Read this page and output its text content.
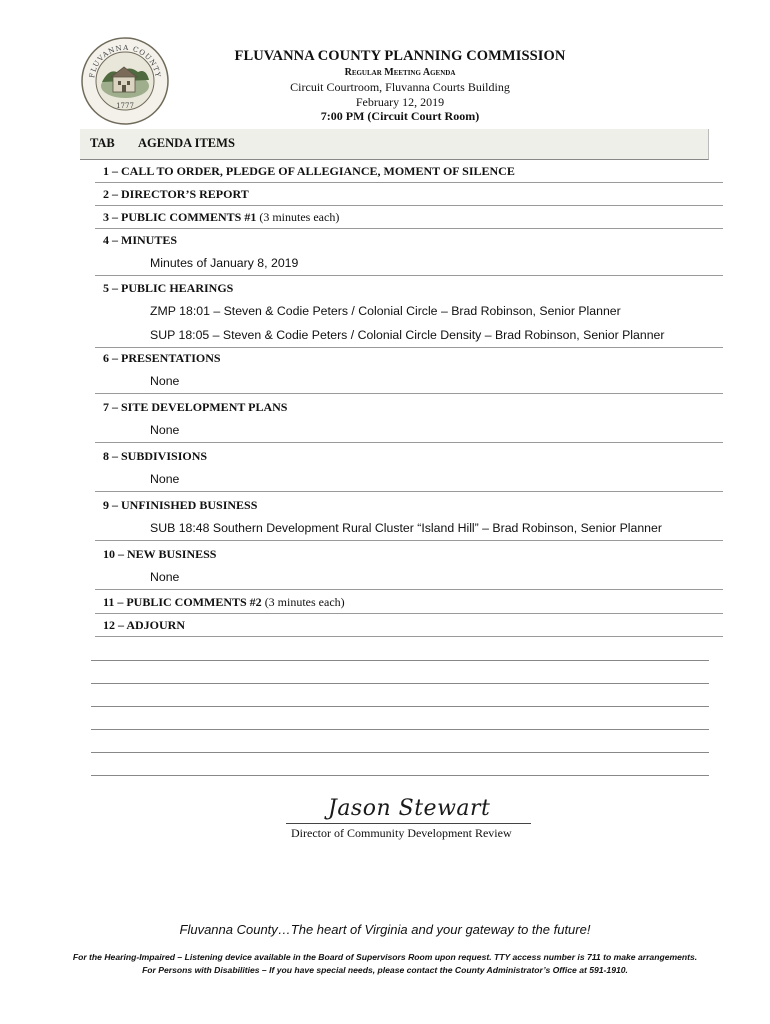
FLUVANNA COUNTY
1777
FLUVANNA COUNTY PLANNING COMMISSION
Regular Meeting Agenda
Circuit Courtroom, Fluvanna Courts Building
February 12, 2019
7:00 PM (Circuit Court Room)
TAB AGENDA ITEMS
1 – CALL TO ORDER, PLEDGE OF ALLEGIANCE, MOMENT OF SILENCE
2 – DIRECTOR’S REPORT
3 – PUBLIC COMMENTS #1 (3 minutes each)
4 – MINUTES
Minutes of January 8, 2019
5 – PUBLIC HEARINGS
ZMP 18:01 – Steven & Codie Peters / Colonial Circle – Brad Robinson, Senior Planner
SUP 18:05 – Steven & Codie Peters / Colonial Circle Density – Brad Robinson, Senior Planner
6 – PRESENTATIONS
None
7 – SITE DEVELOPMENT PLANS
None
8 – SUBDIVISIONS
None
9 – UNFINISHED BUSINESS
SUB 18:48 Southern Development Rural Cluster “Island Hill” – Brad Robinson, Senior Planner
10 – NEW BUSINESS
None
11 – PUBLIC COMMENTS #2 (3 minutes each)
12 – ADJOURN
Jason Stewart
Director of Community Development Review
Fluvanna County…The heart of Virginia and your gateway to the future!
For the Hearing-Impaired – Listening device available in the Board of Supervisors Room upon request. TTY access number is 711 to make arrangements.
For Persons with Disabilities – If you have special needs, please contact the County Administrator’s Office at 591-1910.
